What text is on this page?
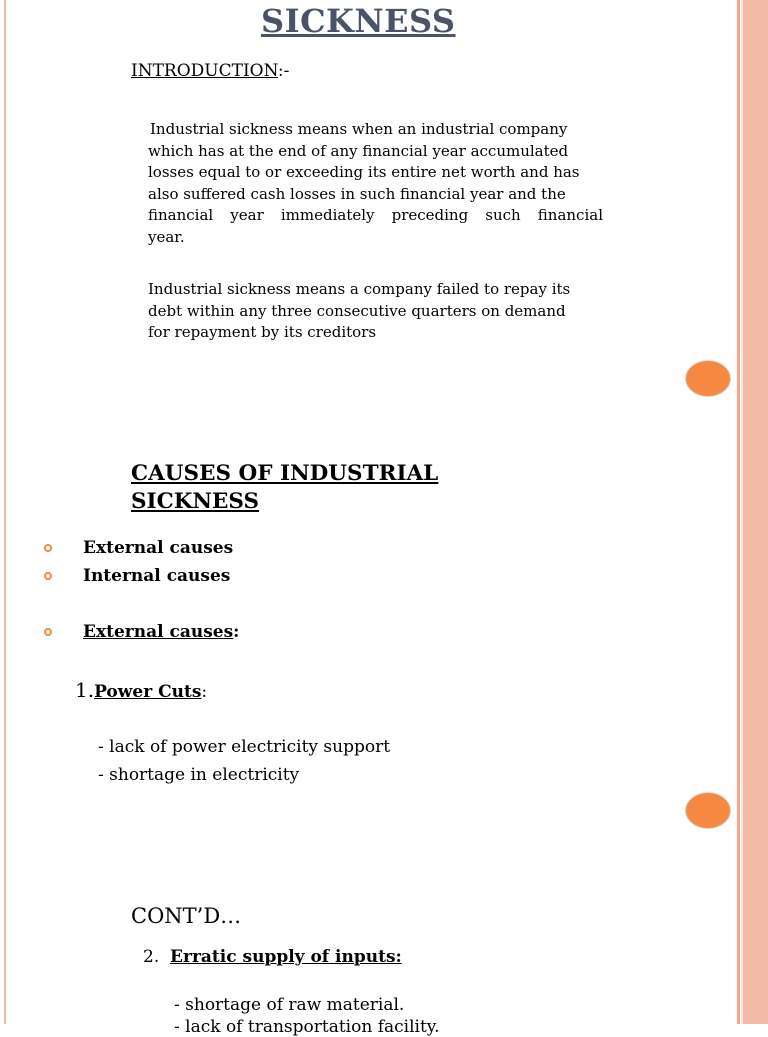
SICKNESS
INTRODUCTION:-
Industrial sickness means when an industrial company
which has at the end of any financial year accumulated
losses equal to or exceeding its entire net worth and has
also suffered cash losses in such financial year and the
financial year immediately preceding such financial
year.
Industrial sickness means a company failed to repay its
debt within any three consecutive quarters on demand
for repayment by its creditors
CAUSES OF INDUSTRIAL
SICKNESS
External causes
Internal causes
External causes:
1.Power Cuts:
- lack of power electricity support
- shortage in electricity
CONT’D…
2. Erratic supply of inputs:
- shortage of raw material.
- lack of transportation facility.
